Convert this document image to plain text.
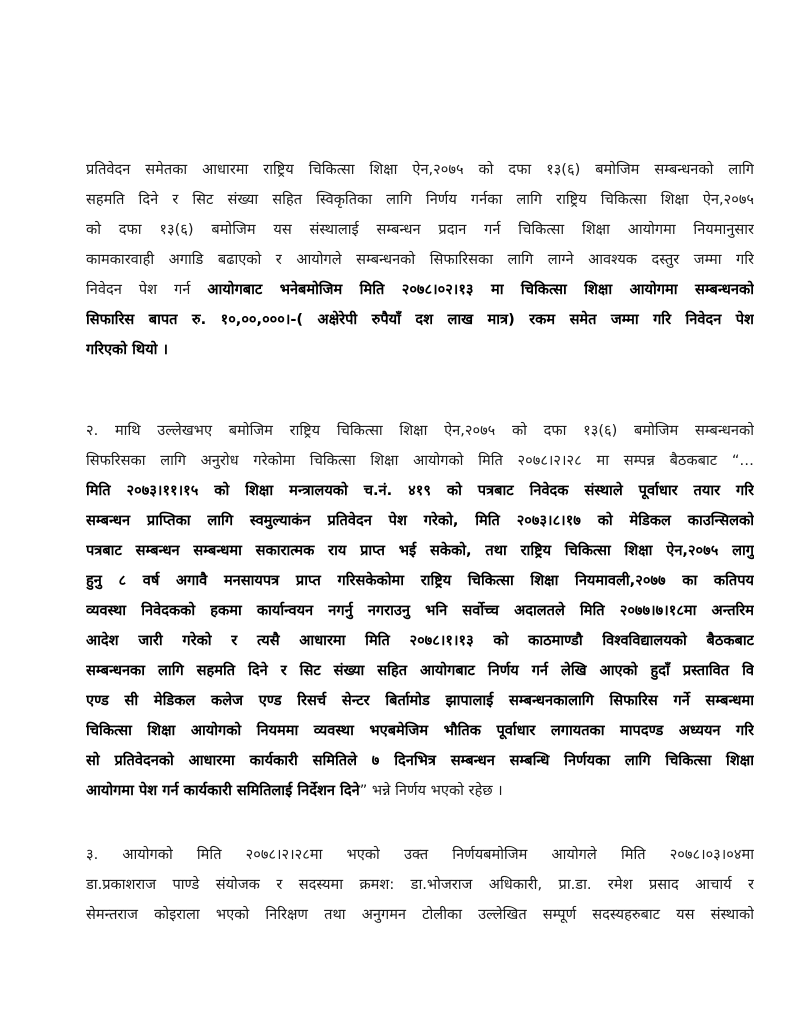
प्रतिवेदन समेतका आधारमा राष्ट्रिय चिकित्सा शिक्षा ऐन,२०७५ को दफा १३(६) बमोजिम सम्बन्धनको लागि
सहमति दिने र सिट संख्या सहित स्विकृतिका लागि निर्णय गर्नका लागि राष्ट्रिय चिकित्सा शिक्षा ऐन,२०७५
को दफा १३(६) बमोजिम यस संस्थालाई सम्बन्धन प्रदान गर्न चिकित्सा शिक्षा आयोगमा नियमानुसार
कामकारवाही अगाडि बढाएको र आयोगले सम्बन्धनको सिफारिसका लागि लाग्ने आवश्यक दस्तुर जम्मा गरि
निवेदन पेश गर्न आयोगबाट भनेबमोजिम मिति २०७८।०२।१३ मा चिकित्सा शिक्षा आयोगमा सम्बन्धनको
सिफारिस बापत रु. १०,००,०००।-( अक्षेरेपी रुपैयाँ दश लाख मात्र) रकम समेत जम्मा गरि निवेदन पेश
गरिएको थियो ।
२. माथि उल्लेखभए बमोजिम राष्ट्रिय चिकित्सा शिक्षा ऐन,२०७५ को दफा १३(६) बमोजिम सम्बन्धनको
सिफरिसका लागि अनुरोध गरेकोमा चिकित्सा शिक्षा आयोगको मिति २०७८।२।२८ मा सम्पन्न बैठकबाट “…
मिति २०७३।११।१५ को शिक्षा मन्त्रालयको च.नं. ४१९ को पत्रबाट निवेदक संस्थाले पूर्वाधार तयार गरि
सम्बन्धन प्राप्तिका लागि स्वमुल्याकंन प्रतिवेदन पेश गरेको, मिति २०७३।८।१७ को मेडिकल काउन्सिलको
पत्रबाट सम्बन्धन सम्बन्धमा सकारात्मक राय प्राप्त भई सकेको, तथा राष्ट्रिय चिकित्सा शिक्षा ऐन,२०७५ लागु
हुनु ८ वर्ष अगावै मनसायपत्र प्राप्त गरिसकेकोमा राष्ट्रिय चिकित्सा शिक्षा नियमावली,२०७७ का कतिपय
व्यवस्था निवेदकको हकमा कार्यान्वयन नगर्नु नगराउनु भनि सर्वोच्च अदालतले मिति २०७७।७।१८मा अन्तरिम
आदेश जारी गरेको र त्यसै आधारमा मिति २०७८।१।१३ को काठमाण्डौ विश्वविद्यालयको बैठकबाट
सम्बन्धनका लागि सहमति दिने र सिट संख्या सहित आयोगबाट निर्णय गर्न लेखि आएको हुदाँ प्रस्तावित वि
एण्ड सी मेडिकल कलेज एण्ड रिसर्च सेन्टर बिर्तामोड झापालाई सम्बन्धनकालागि सिफारिस गर्ने सम्बन्धमा
चिकित्सा शिक्षा आयोगको नियममा व्यवस्था भएबमेजिम भौतिक पूर्वाधार लगायतका मापदण्ड अध्ययन गरि
सो प्रतिवेदनको आधारमा कार्यकारी समितिले ७ दिनभित्र सम्बन्धन सम्बन्धि निर्णयका लागि चिकित्सा शिक्षा
आयोगमा पेश गर्न कार्यकारी समितिलाई निर्देशन दिने” भन्ने निर्णय भएको रहेछ ।
३. आयोगको मिति २०७८।२।२८मा भएको उक्त निर्णयबमोजिम आयोगले मिति २०७८।०३।०४मा
डा.प्रकाशराज पाण्डे संयोजक र सदस्यमा क्रमश: डा.भोजराज अधिकारी, प्रा.डा. रमेश प्रसाद आचार्य र
सेमन्तराज कोइराला भएको निरिक्षण तथा अनुगमन टोलीका उल्लेखित सम्पूर्ण सदस्यहरुबाट यस संस्थाको
